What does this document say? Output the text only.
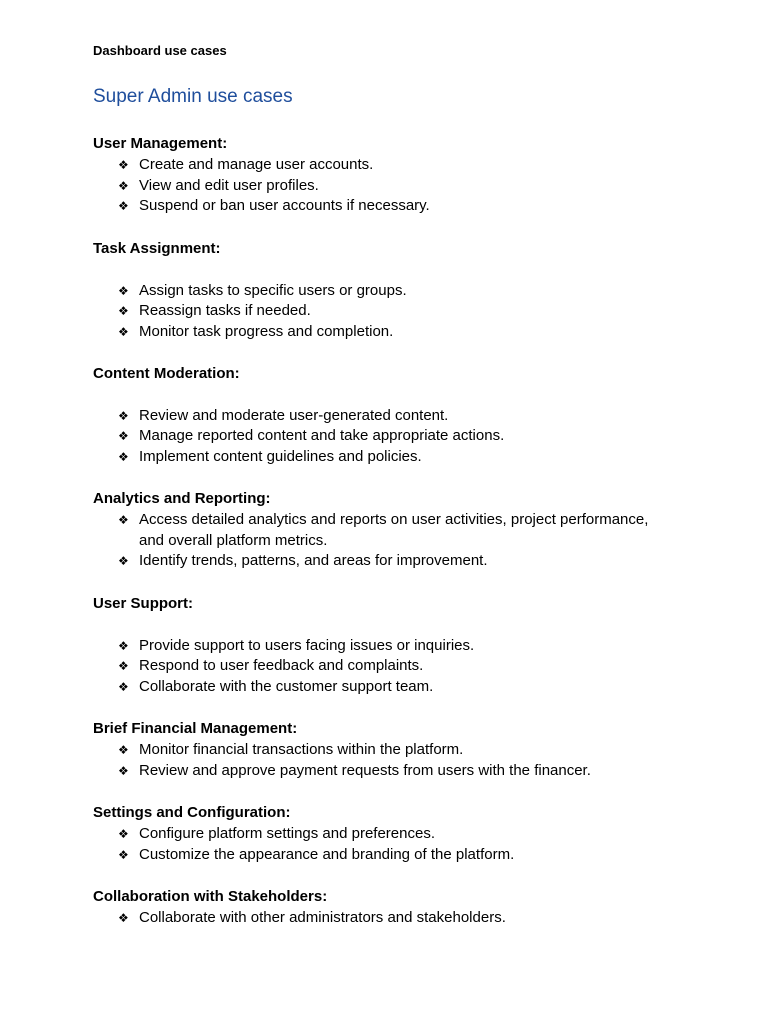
Dashboard use cases
Super Admin use cases
User Management:
❖ Create and manage user accounts.
❖ View and edit user profiles.
❖ Suspend or ban user accounts if necessary.
Task Assignment:
❖ Assign tasks to specific users or groups.
❖ Reassign tasks if needed.
❖ Monitor task progress and completion.
Content Moderation:
❖ Review and moderate user-generated content.
❖ Manage reported content and take appropriate actions.
❖ Implement content guidelines and policies.
Analytics and Reporting:
❖ Access detailed analytics and reports on user activities, project performance, and overall platform metrics.
❖ Identify trends, patterns, and areas for improvement.
User Support:
❖ Provide support to users facing issues or inquiries.
❖ Respond to user feedback and complaints.
❖ Collaborate with the customer support team.
Brief Financial Management:
❖ Monitor financial transactions within the platform.
❖ Review and approve payment requests from users with the financer.
Settings and Configuration:
❖ Configure platform settings and preferences.
❖ Customize the appearance and branding of the platform.
Collaboration with Stakeholders:
❖ Collaborate with other administrators and stakeholders.
